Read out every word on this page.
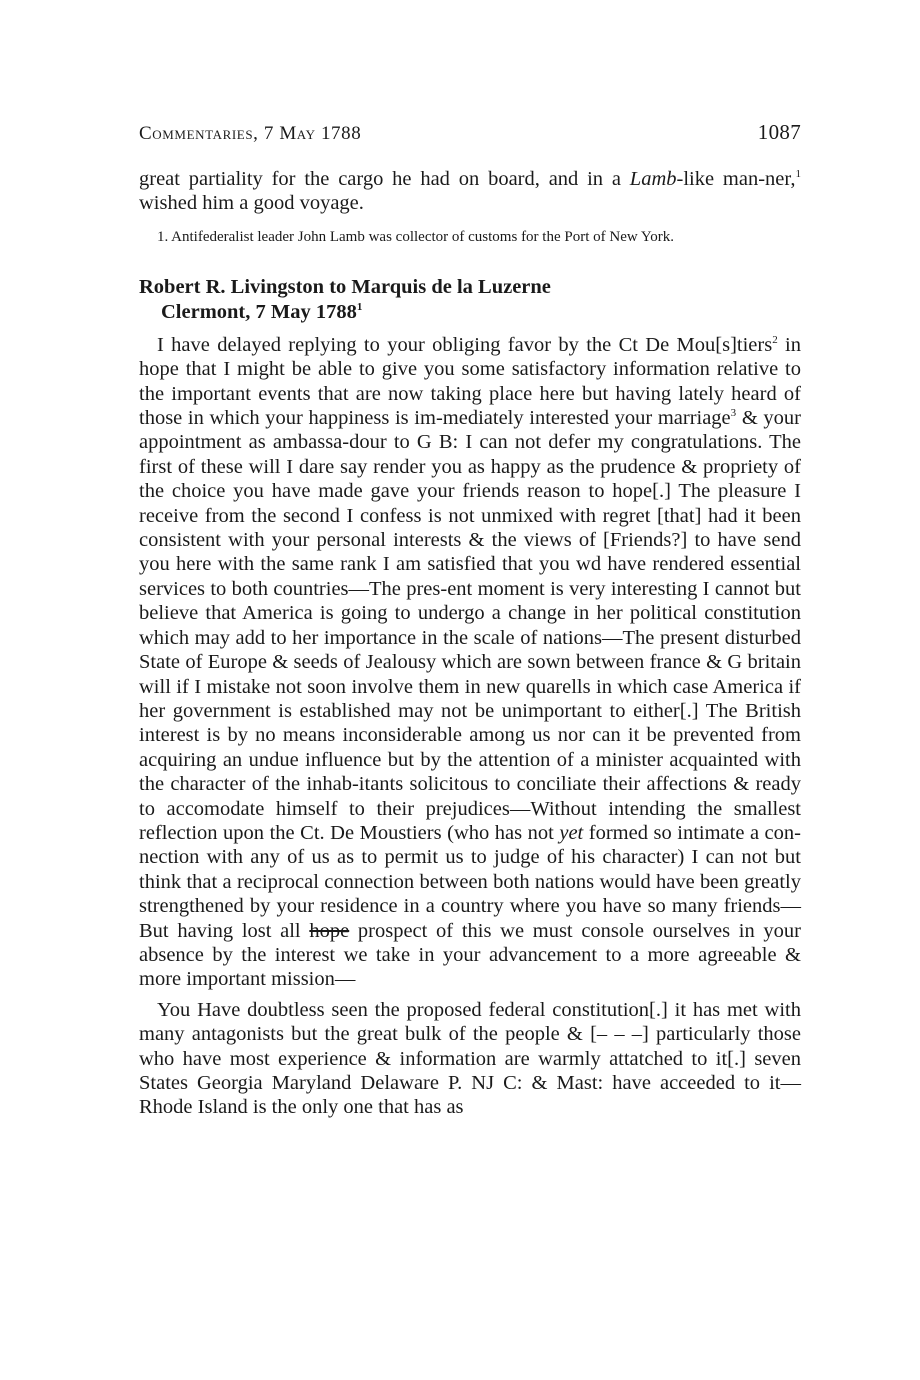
Commentaries, 7 May 1788	1087

great partiality for the cargo he had on board, and in a Lamb-like man-ner,$^1$ wished him a good voyage.

1. Antifederalist leader John Lamb was collector of customs for the Port of New York.

Robert R. Livingston to Marquis de la Luzerne
Clermont, 7 May 1788$^1$

I have delayed replying to your obliging favor by the Ct De Mou[s]tiers$^2$ in hope that I might be able to give you some satisfactory information relative to the important events that are now taking place here but having lately heard of those in which your happiness is im-mediately interested your marriage$^3$ & your appointment as ambassa-dour to G B: I can not defer my congratulations. The first of these will I dare say render you as happy as the prudence & propriety of the choice you have made gave your friends reason to hope[.] The pleasure I receive from the second I confess is not unmixed with regret [that] had it been consistent with your personal interests & the views of [Friends?] to have send you here with the same rank I am satisfied that you wd have rendered essential services to both countries—The pres-ent moment is very interesting I cannot but believe that America is going to undergo a change in her political constitution which may add to her importance in the scale of nations—The present disturbed State of Europe & seeds of Jealousy which are sown between france & G britain will if I mistake not soon involve them in new quarells in which case America if her government is established may not be unimportant to either[.] The British interest is by no means inconsiderable among us nor can it be prevented from acquiring an undue influence but by the attention of a minister acquainted with the character of the inhab-itants solicitous to conciliate their affections & ready to accomodate himself to their prejudices—Without intending the smallest reflection upon the Ct. De Moustiers (who has not yet formed so intimate a con-nection with any of us as to permit us to judge of his character) I can not but think that a reciprocal connection between both nations would have been greatly strengthened by your residence in a country where you have so many friends—But having lost all hope prospect of this we must console ourselves in your absence by the interest we take in your advancement to a more agreeable & more important mission—

You Have doubtless seen the proposed federal constitution[.] it has met with many antagonists but the great bulk of the people & [– – –] particularly those who have most experience & information are warmly attatched to it[.] seven States Georgia Maryland Delaware P. NJ C: & Mast: have acceeded to it—Rhode Island is the only one that has as
